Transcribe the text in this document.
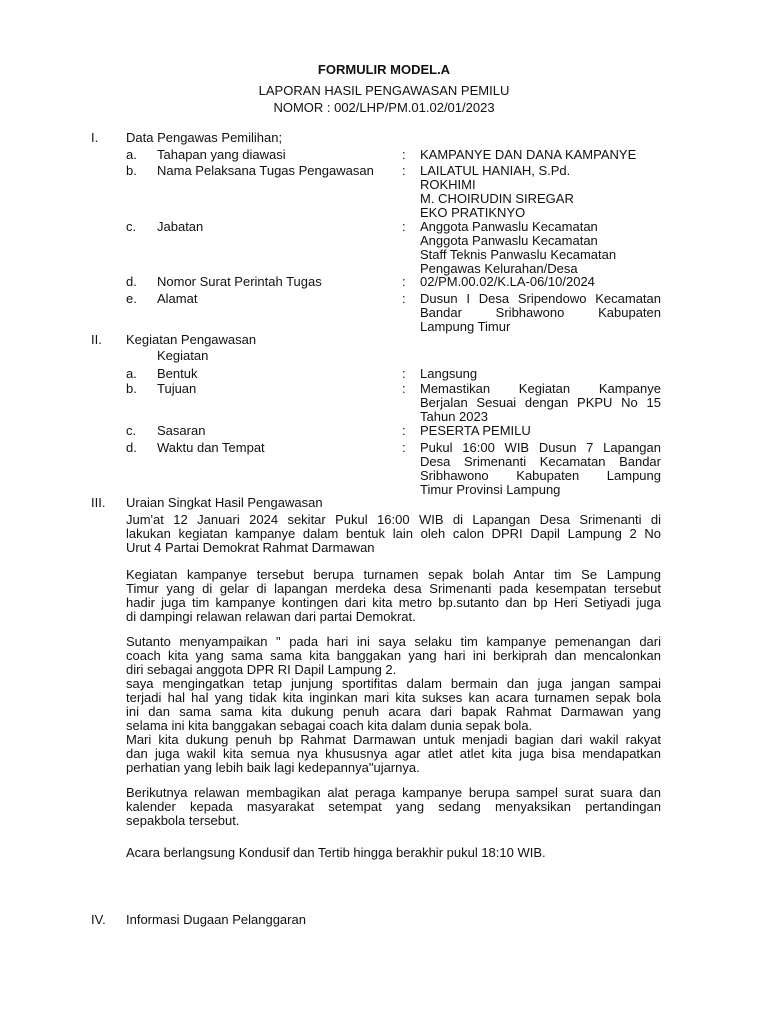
FORMULIR MODEL.A
LAPORAN HASIL PENGAWASAN PEMILU
NOMOR : 002/LHP/PM.01.02/01/2023
I. Data Pengawas Pemilihan;
a. Tahapan yang diawasi	: KAMPANYE DAN DANA KAMPANYE
b. Nama Pelaksana Tugas Pengawasan : LAILATUL HANIAH, S.Pd.
ROKHIMI
M. CHOIRUDIN SIREGAR
EKO PRATIKNYO
c. Jabatan	: Anggota Panwaslu Kecamatan
Anggota Panwaslu Kecamatan
Staff Teknis Panwaslu Kecamatan
Pengawas Kelurahan/Desa
d. Nomor Surat Perintah Tugas	: 02/PM.00.02/K.LA-06/10/2024
e. Alamat	: Dusun I Desa Sripendowo Kecamatan
Bandar Sribhawono Kabupaten
Lampung Timur
II. Kegiatan Pengawasan
Kegiatan
a. Bentuk	: Langsung
b. Tujuan	: Memastikan Kegiatan Kampanye
Berjalan Sesuai dengan PKPU No 15
Tahun 2023
c. Sasaran	: PESERTA PEMILU
d. Waktu dan Tempat	: Pukul 16:00 WIB Dusun 7 Lapangan
Desa Srimenanti Kecamatan Bandar
Sribhawono Kabupaten Lampung
Timur Provinsi Lampung
III. Uraian Singkat Hasil Pengawasan
Jum'at 12 Januari 2024 sekitar Pukul 16:00 WIB di Lapangan Desa Srimenanti di
lakukan kegiatan kampanye dalam bentuk lain oleh calon DPRI Dapil Lampung 2 No
Urut 4 Partai Demokrat Rahmat Darmawan
Kegiatan kampanye tersebut berupa turnamen sepak bolah Antar tim Se Lampung
Timur yang di gelar di lapangan merdeka desa Srimenanti pada kesempatan tersebut
hadir juga tim kampanye kontingen dari kita metro bp.sutanto dan bp Heri Setiyadi juga
di dampingi relawan relawan dari partai Demokrat.
Sutanto menyampaikan " pada hari ini saya selaku tim kampanye pemenangan dari
coach kita yang sama sama kita banggakan yang hari ini berkiprah dan mencalonkan
diri sebagai anggota DPR RI Dapil Lampung 2.
saya mengingatkan tetap junjung sportifitas dalam bermain dan juga jangan sampai
terjadi hal hal yang tidak kita inginkan mari kita sukses kan acara turnamen sepak bola
ini dan sama sama kita dukung penuh acara dari bapak Rahmat Darmawan yang
selama ini kita banggakan sebagai coach kita dalam dunia sepak bola.
Mari kita dukung penuh bp Rahmat Darmawan untuk menjadi bagian dari wakil rakyat
dan juga wakil kita semua nya khususnya agar atlet atlet kita juga bisa mendapatkan
perhatian yang lebih baik lagi kedepannya"ujarnya.
Berikutnya relawan membagikan alat peraga kampanye berupa sampel surat suara dan
kalender kepada masyarakat setempat yang sedang menyaksikan pertandingan
sepakbola tersebut.
Acara berlangsung Kondusif dan Tertib hingga berakhir pukul 18:10 WIB.
IV. Informasi Dugaan Pelanggaran
